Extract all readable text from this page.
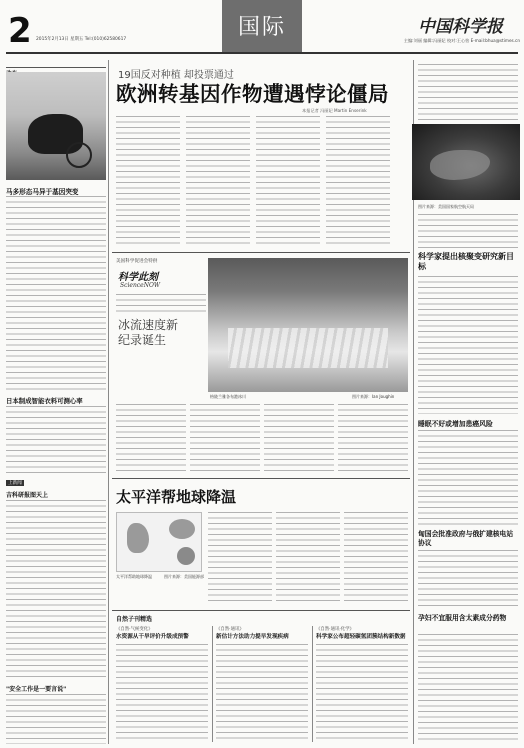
2 2015年2月13日 星期五 Tel:(010)62580617	国际	中国科学报
主编:刘丽 编辑:冯丽妃 校对:王心怡 E-mail:bhua@stimes.cn
马多形态马异于基因突变
日本制成智能衣料可测心率
上新闻
吉科研报图天上
"安全工作是一要言说"
19国反对种植 却投票通过
欧洲转基因作物遭遇悖论僵局
本报记者 冯丽妃 Martin Enserink
图片来源：美国国家航空航天局
科学家提出核聚变研究新目标
睡眠不好或增加患癌风险
匈国会批准政府与俄扩建核电站协议
孕妇不宜服用含太素成分药物
美国科学促进会特供
科学此刻
ScienceNOW
冰流速度新纪录诞生
格陵兰雅各布港冰川	图片来源：Ian Joughin
太平洋帮地球降温
太平洋帮助地球降温	图片来源：美国能源部
自然子刊精选
《自然·气候变化》
水资源从干旱评价升级成预警
《自然·通讯》
新估计方法助力提早发现疾病
《自然·通讯·化学》
科学家公布超轻碳氢团簇结构新数据
